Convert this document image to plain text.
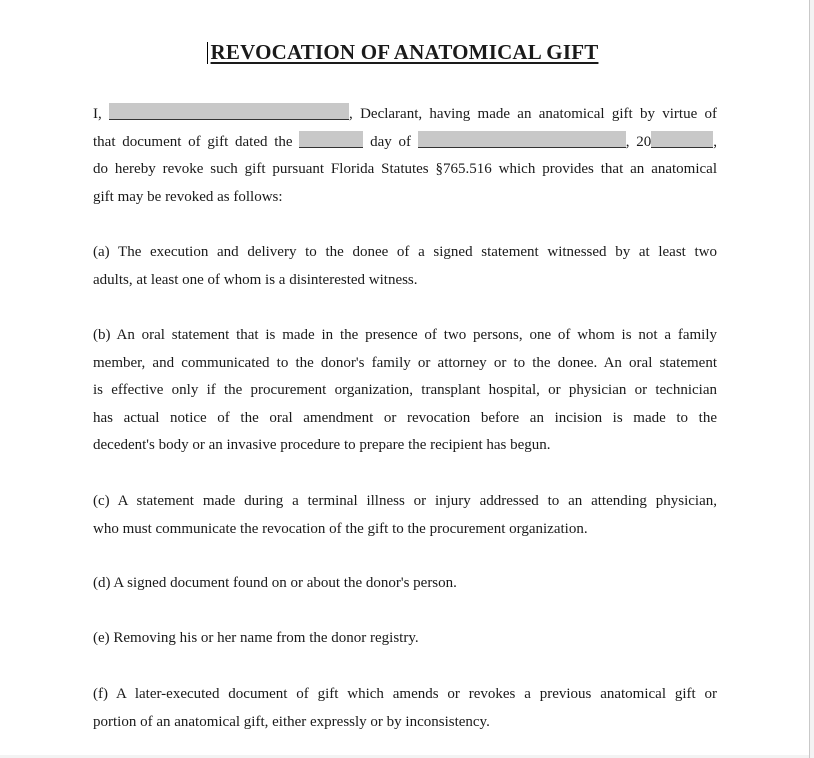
REVOCATION OF ANATOMICAL GIFT
I,	, Declarant, having made an anatomical gift by virtue of
that document of gift dated the	day of	, 20	,
do hereby revoke such gift pursuant Florida Statutes §765.516 which provides that an anatomical
gift may be revoked as follows:
(a) The execution and delivery to the donee of a signed statement witnessed by at least two
adults, at least one of whom is a disinterested witness.
(b) An oral statement that is made in the presence of two persons, one of whom is not a family
member, and communicated to the donor's family or attorney or to the donee. An oral statement
is effective only if the procurement organization, transplant hospital, or physician or technician
has actual notice of the oral amendment or revocation before an incision is made to the
decedent's body or an invasive procedure to prepare the recipient has begun.
(c) A statement made during a terminal illness or injury addressed to an attending physician,
who must communicate the revocation of the gift to the procurement organization.
(d) A signed document found on or about the donor's person.
(e) Removing his or her name from the donor registry.
(f) A later-executed document of gift which amends or revokes a previous anatomical gift or
portion of an anatomical gift, either expressly or by inconsistency.
